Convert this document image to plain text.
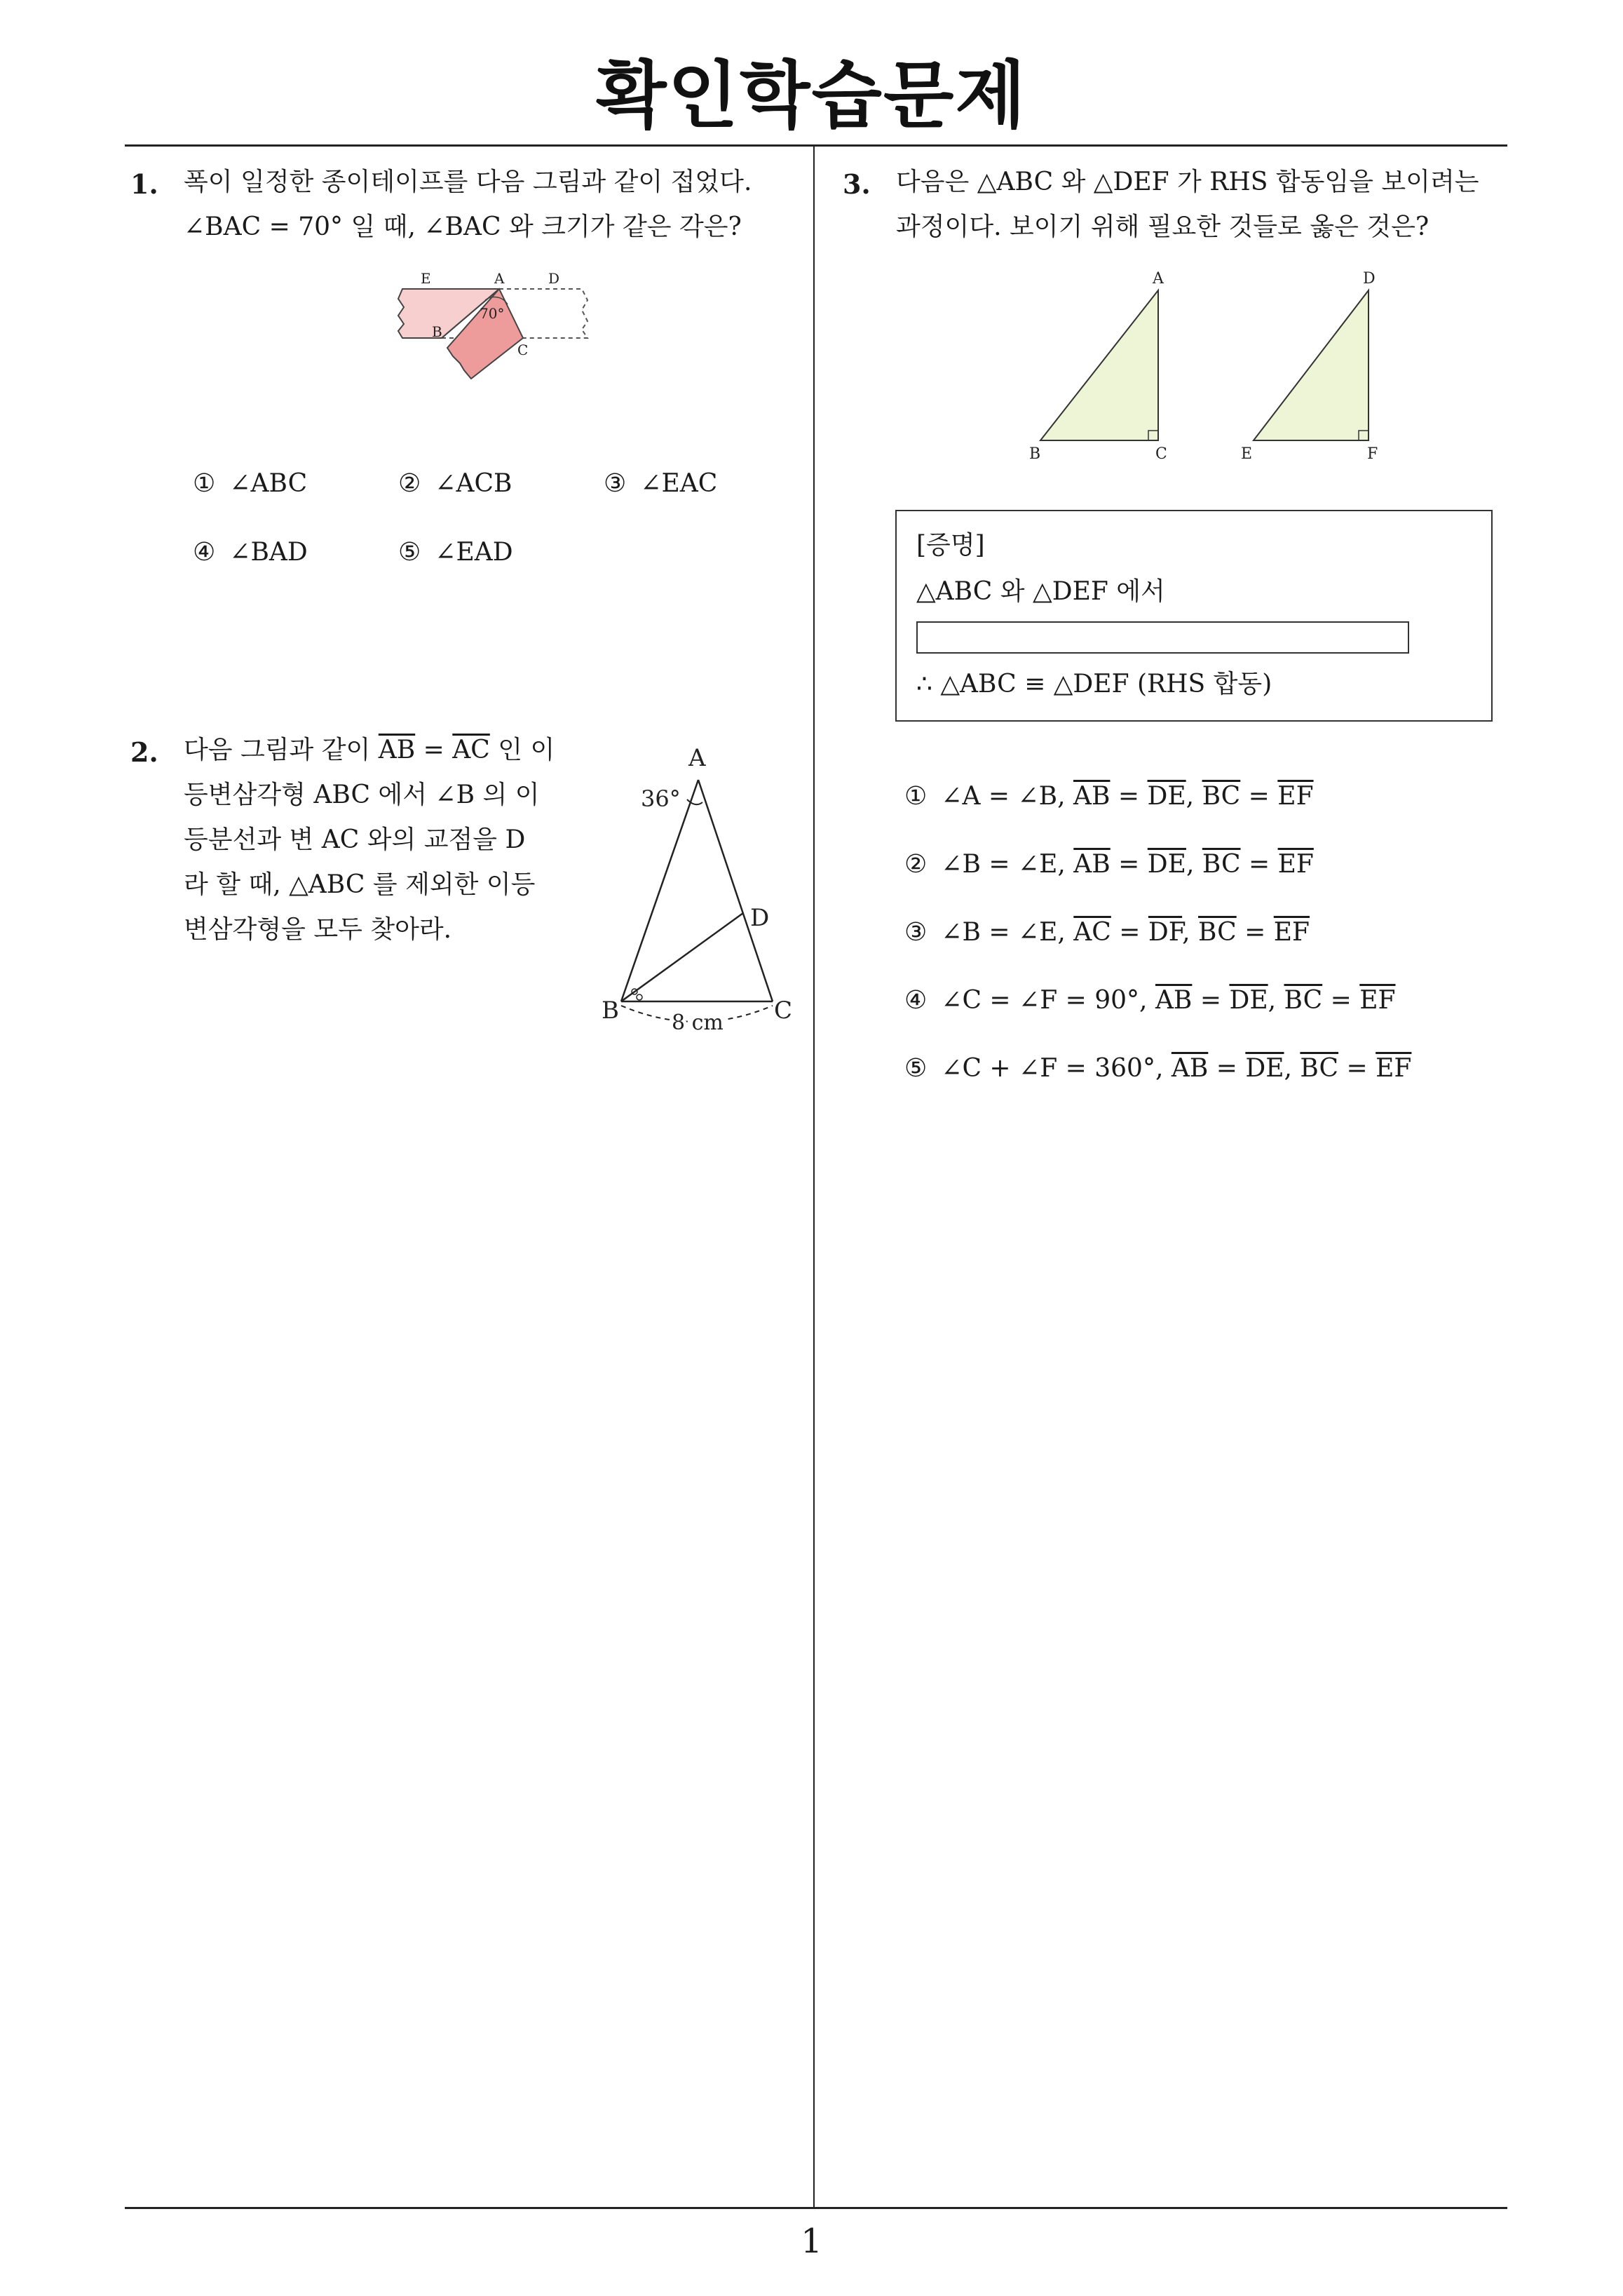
확인학습문제
1
1. 폭이 일정한 종이테이프를 다음 그림과 같이 접었다.
∠BAC = 70° 일 때, ∠BAC 와 크기가 같은 각은?
E	A	D
B
C
70°
① ∠ABC	② ∠ACB	③ ∠EAC
④ ∠BAD	⑤ ∠EAD
2. 다음 그림과 같이 $\overline{AB} = \overline{AC}$ 인 이
등변삼각형 ABC 에서 ∠B 의 이
등분선과 변 AC 와의 교점을 D
라 할 때, △ABC 를 제외한 이등
변삼각형을 모두 찾아라.
A
B	C
D
36°
8 cm
3. 다음은 △ABC 와 △DEF 가 RHS 합동임을 보이려는
과정이다. 보이기 위해 필요한 것들로 옳은 것은?
A
B	C
D
E	F
[증명]
△ABC 와 △DEF 에서
∴ △ABC ≡ △DEF (RHS 합동)
① ∠A = ∠B, $\overline{AB} = \overline{DE}$, $\overline{BC} = \overline{EF}$
② ∠B = ∠E, $\overline{AB} = \overline{DE}$, $\overline{BC} = \overline{EF}$
③ ∠B = ∠E, $\overline{AC} = \overline{DF}$, $\overline{BC} = \overline{EF}$
④ ∠C = ∠F = 90°, $\overline{AB} = \overline{DE}$, $\overline{BC} = \overline{EF}$
⑤ ∠C + ∠F = 360°, $\overline{AB} = \overline{DE}$, $\overline{BC} = \overline{EF}$
